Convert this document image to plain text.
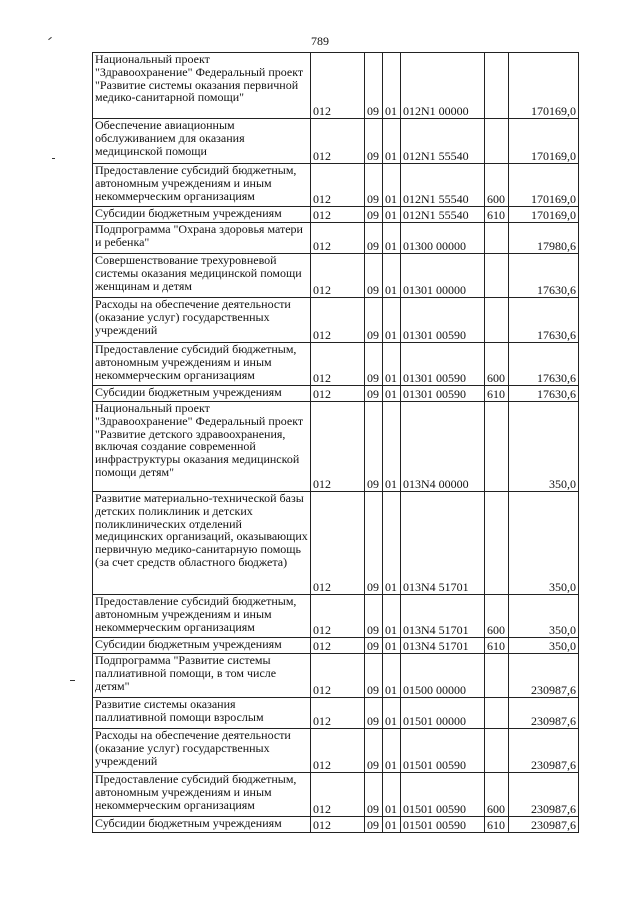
789
Национальный проект "Здравоохранение" Федеральный проект "Развитие системы оказания первичной медико-санитарной помощи"	012	09	01	012N1 00000		170169,0
Обеспечение авиационным обслуживанием для оказания медицинской помощи	012	09	01	012N1 55540		170169,0
Предоставление субсидий бюджетным, автономным учреждениям и иным некоммерческим организациям	012	09	01	012N1 55540	600	170169,0
Субсидии бюджетным учреждениям	012	09	01	012N1 55540	610	170169,0
Подпрограмма "Охрана здоровья матери и ребенка"	012	09	01	01300 00000		17980,6
Совершенствование трехуровневой системы оказания медицинской помощи женщинам и детям	012	09	01	01301 00000		17630,6
Расходы на обеспечение деятельности (оказание услуг) государственных учреждений	012	09	01	01301 00590		17630,6
Предоставление субсидий бюджетным, автономным учреждениям и иным некоммерческим организациям	012	09	01	01301 00590	600	17630,6
Субсидии бюджетным учреждениям	012	09	01	01301 00590	610	17630,6
Национальный проект "Здравоохранение" Федеральный проект "Развитие детского здравоохранения, включая создание современной инфраструктуры оказания медицинской помощи детям"	012	09	01	013N4 00000		350,0
Развитие материально-технической базы детских поликлиник и детских поликлинических отделений медицинских организаций, оказывающих первичную медико-санитарную помощь (за счет средств областного бюджета)	012	09	01	013N4 51701		350,0
Предоставление субсидий бюджетным, автономным учреждениям и иным некоммерческим организациям	012	09	01	013N4 51701	600	350,0
Субсидии бюджетным учреждениям	012	09	01	013N4 51701	610	350,0
Подпрограмма "Развитие системы паллиативной помощи, в том числе детям"	012	09	01	01500 00000		230987,6
Развитие системы оказания паллиативной помощи взрослым	012	09	01	01501 00000		230987,6
Расходы на обеспечение деятельности (оказание услуг) государственных учреждений	012	09	01	01501 00590		230987,6
Предоставление субсидий бюджетным, автономным учреждениям и иным некоммерческим организациям	012	09	01	01501 00590	600	230987,6
Субсидии бюджетным учреждениям	012	09	01	01501 00590	610	230987,6
